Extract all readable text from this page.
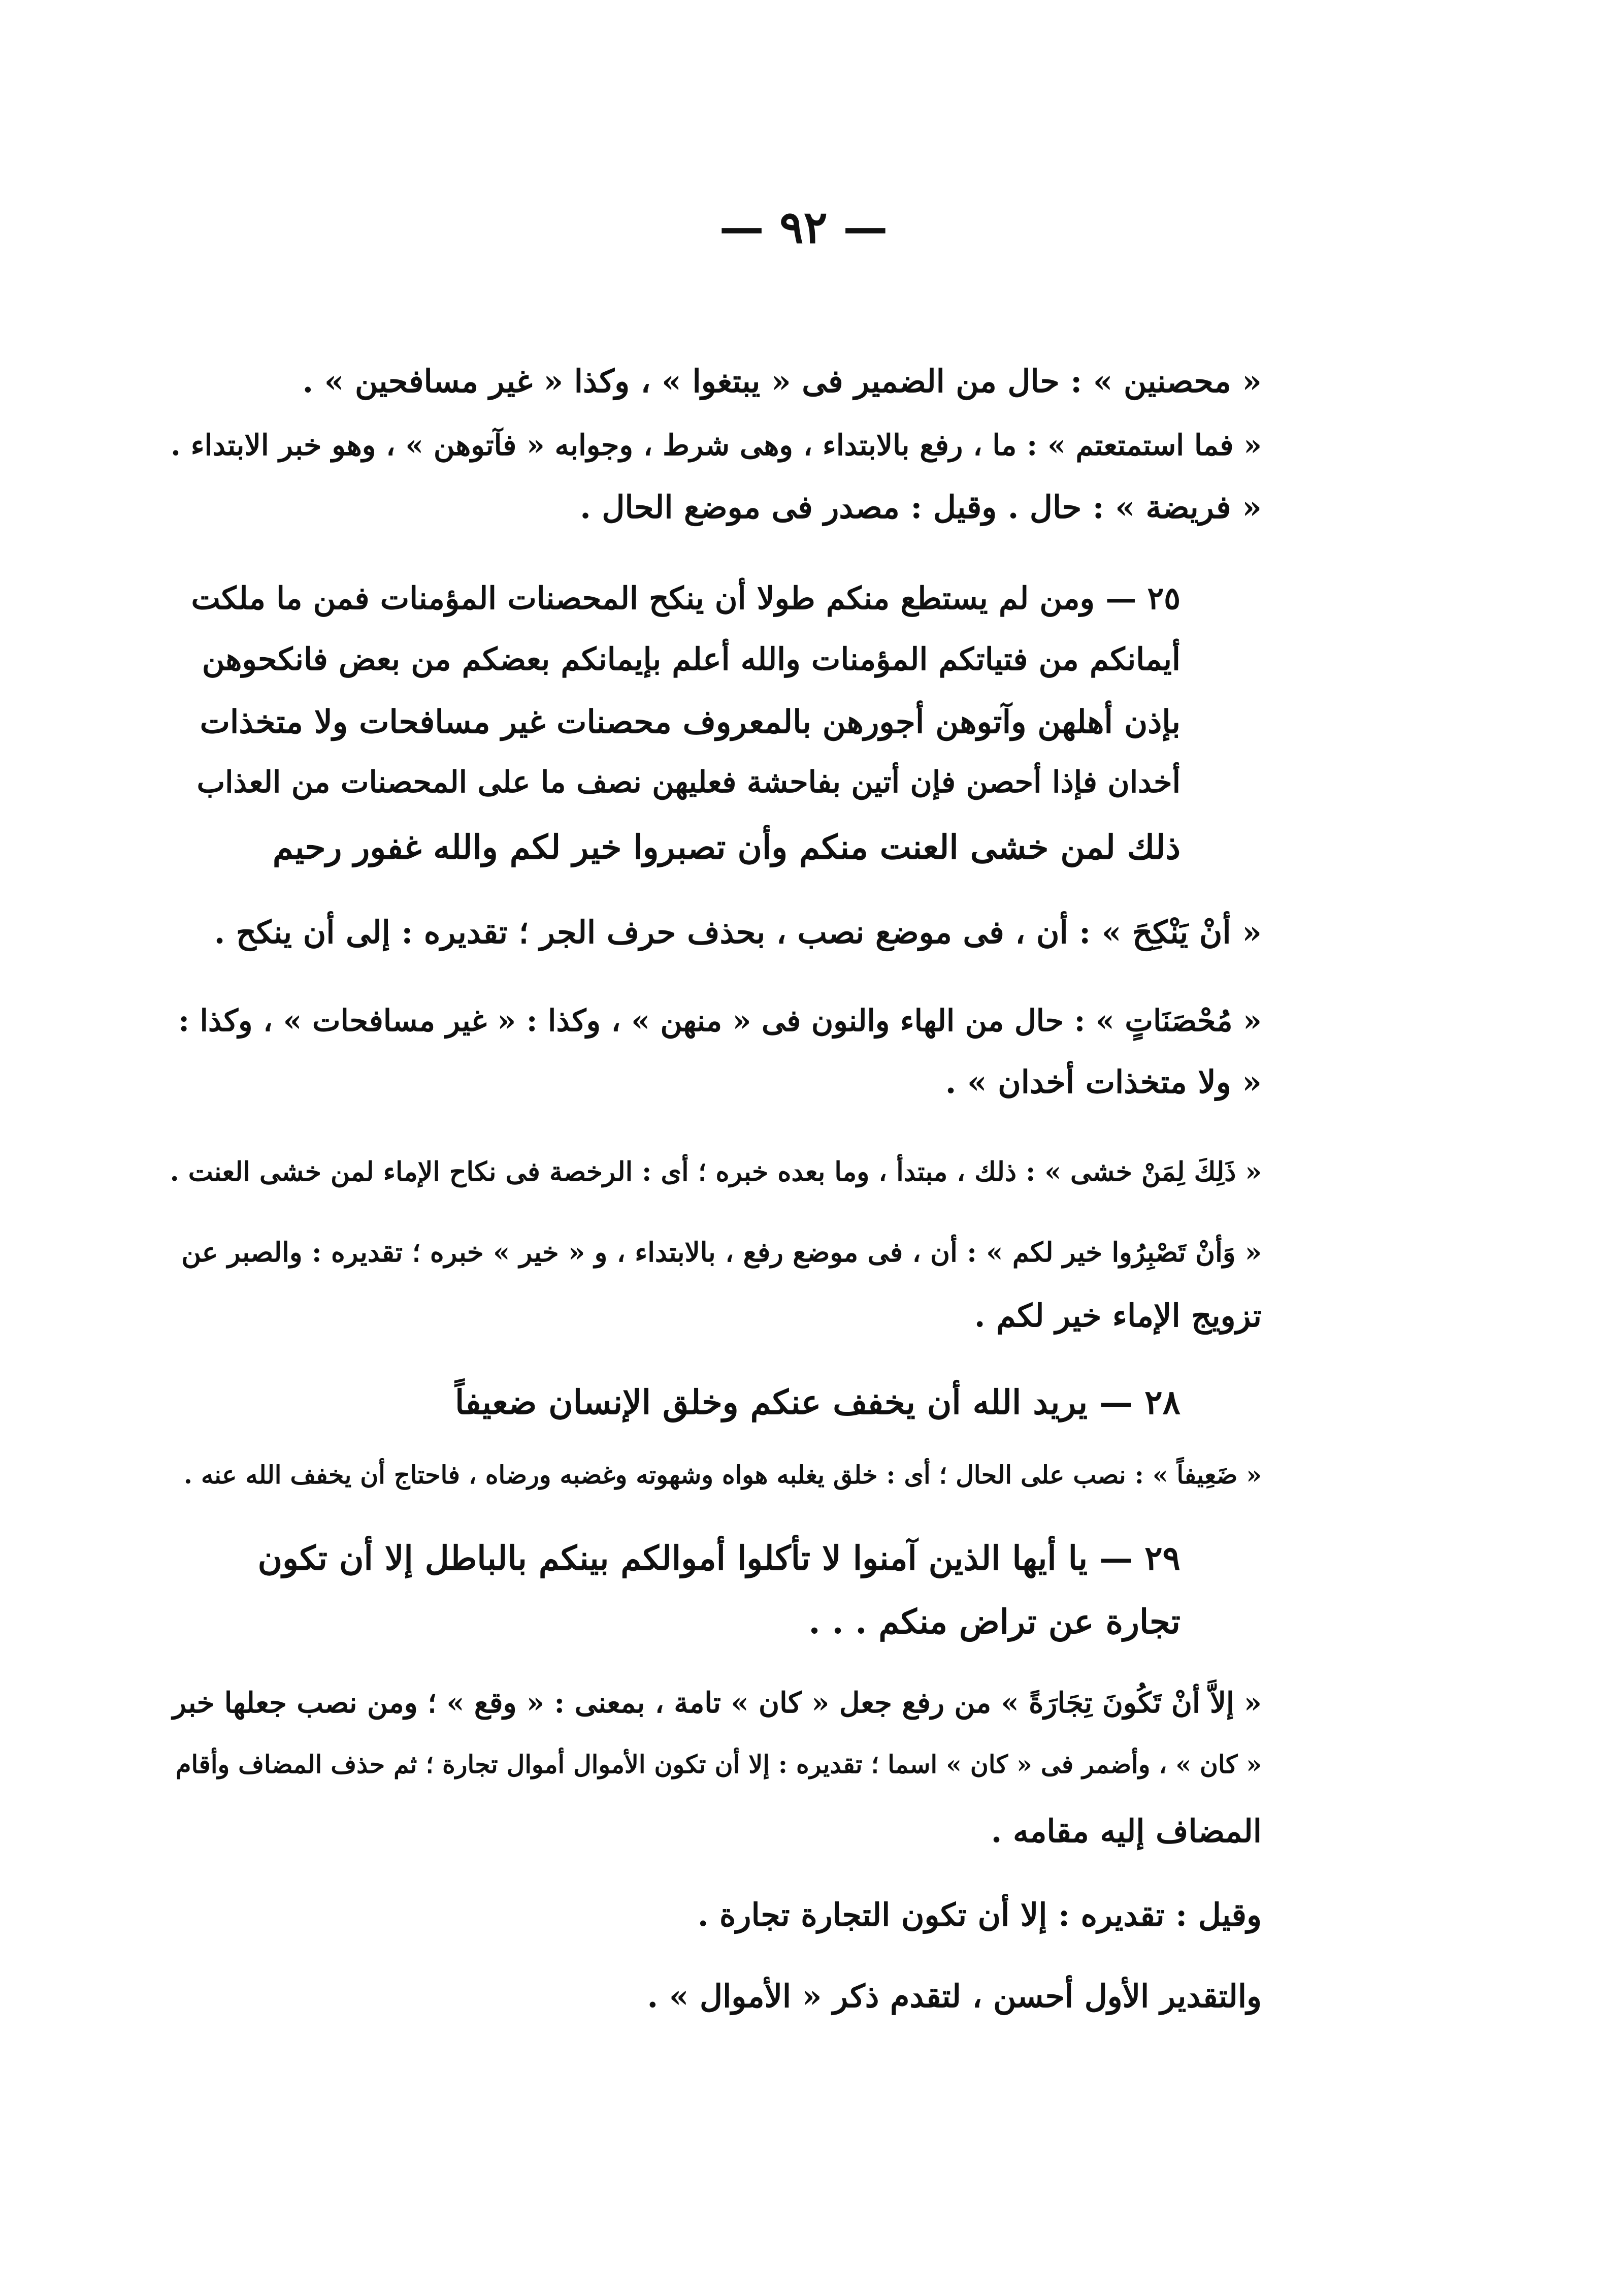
— ٩٢ —
« محصنين » : حال من الضمير فى « يبتغوا » ، وكذا « غير مسافحين » .
« فما استمتعتم » : ما ، رفع بالابتداء ، وهى شرط ، وجوابه « فآتوهن » ، وهو خبر الابتداء .
« فريضة » : حال . وقيل : مصدر فى موضع الحال .
٢٥ — ومن لم يستطع منكم طولا أن ينكح المحصنات المؤمنات فمن ما ملكت
أيمانكم من فتياتكم المؤمنات والله أعلم بإيمانكم بعضكم من بعض فانكحوهن
بإذن أهلهن وآتوهن أجورهن بالمعروف محصنات غير مسافحات ولا متخذات
أخدان فإذا أحصن فإن أتين بفاحشة فعليهن نصف ما على المحصنات من العذاب
ذلك لمن خشى العنت منكم وأن تصبروا خير لكم والله غفور رحيم
« أنْ يَنْكِحَ » : أن ، فى موضع نصب ، بحذف حرف الجر ؛ تقديره : إلى أن ينكح .
« مُحْصَنَاتٍ » : حال من الهاء والنون فى « منهن » ، وكذا : « غير مسافحات » ، وكذا :
« ولا متخذات أخدان » .
« ذَلِكَ لِمَنْ خشى » : ذلك ، مبتدأ ، وما بعده خبره ؛ أى : الرخصة فى نكاح الإماء لمن خشى العنت .
« وَأنْ تَصْبِرُوا خير لكم » : أن ، فى موضع رفع ، بالابتداء ، و « خير » خبره ؛ تقديره : والصبر عن
تزويج الإماء خير لكم .
٢٨ — يريد الله أن يخفف عنكم وخلق الإنسان ضعيفاً
« ضَعِيفاً » : نصب على الحال ؛ أى : خلق يغلبه هواه وشهوته وغضبه ورضاه ، فاحتاج أن يخفف الله عنه .
٢٩ — يا أيها الذين آمنوا لا تأكلوا أموالكم بينكم بالباطل إلا أن تكون
تجارة عن تراض منكم . . .
« إلاَّ أنْ تَكُونَ تِجَارَةً » من رفع جعل « كان » تامة ، بمعنى : « وقع » ؛ ومن نصب جعلها خبر
« كان » ، وأضمر فى « كان » اسما ؛ تقديره : إلا أن تكون الأموال أموال تجارة ؛ ثم حذف المضاف وأقام
المضاف إليه مقامه .
وقيل : تقديره : إلا أن تكون التجارة تجارة .
والتقدير الأول أحسن ، لتقدم ذكر « الأموال » .
